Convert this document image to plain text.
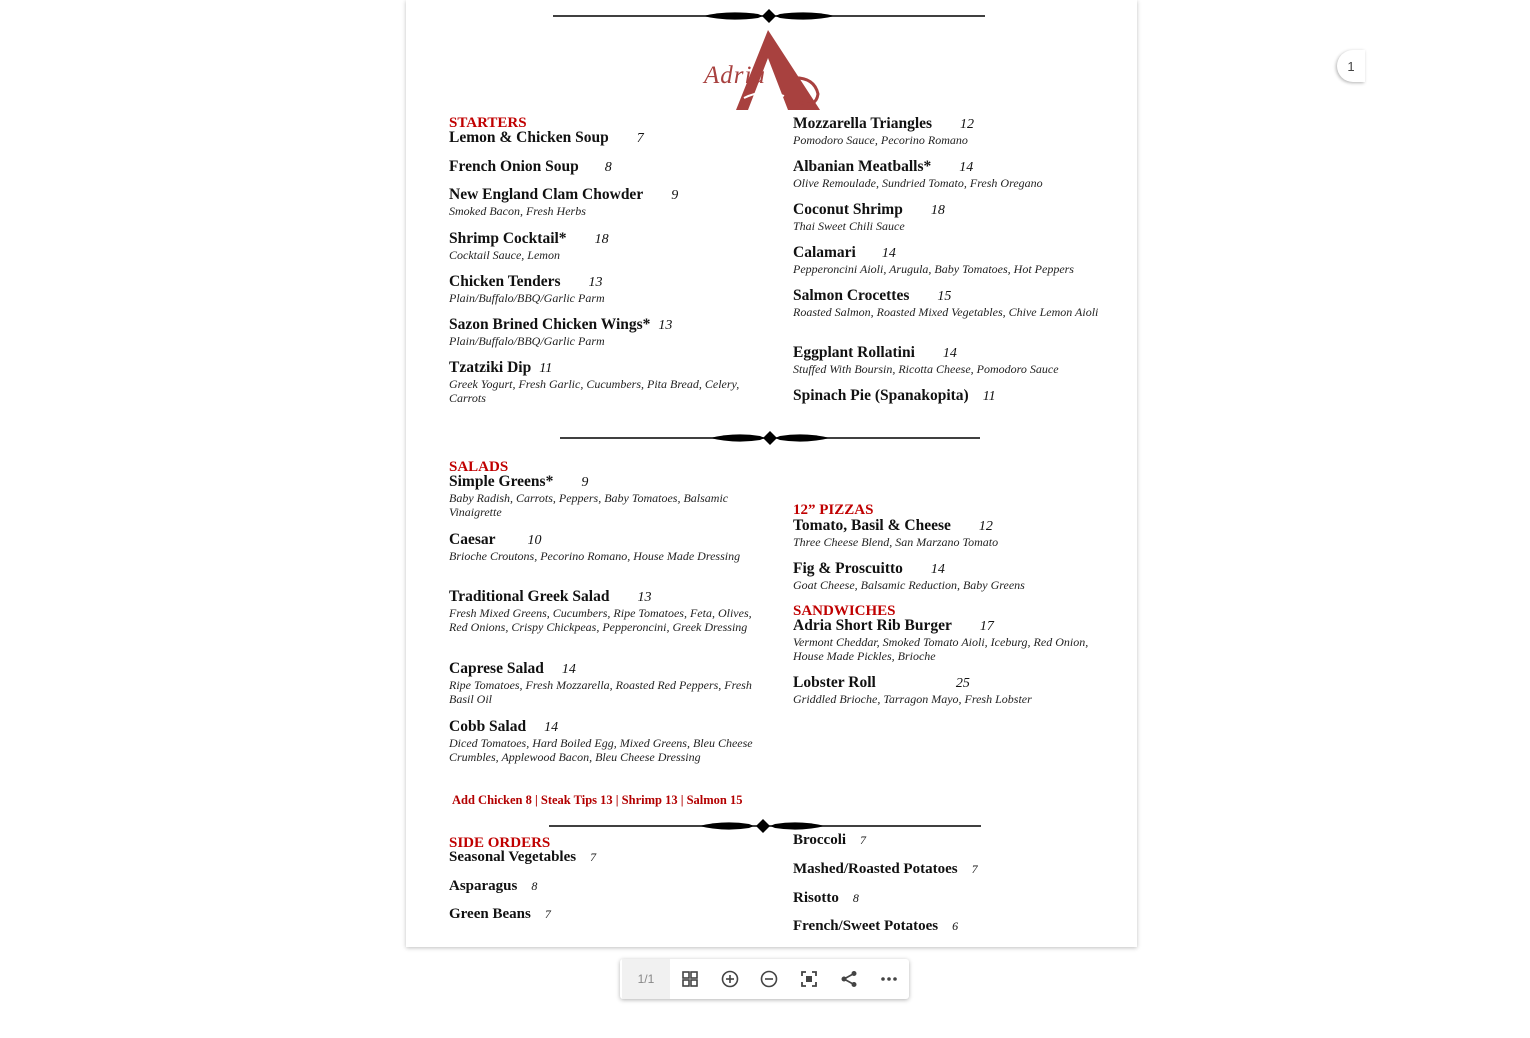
Adria
STARTERS
SALADS
12” PIZZAS
SANDWICHES
Add Chicken 8 | Steak Tips 13 | Shrimp 13 | Salmon 15
SIDE ORDERS
Lemon & Chicken Soup 7
French Onion Soup 8
New England Clam Chowder 9
Smoked Bacon, Fresh Herbs
Shrimp Cocktail* 18
Cocktail Sauce, Lemon
Chicken Tenders 13
Plain/Buffalo/BBQ/Garlic Parm
Sazon Brined Chicken Wings* 13
Plain/Buffalo/BBQ/Garlic Parm
Tzatziki Dip 11
Greek Yogurt, Fresh Garlic, Cucumbers, Pita Bread, Celery, Carrots
Mozzarella Triangles 12
Pomodoro Sauce, Pecorino Romano
Albanian Meatballs* 14
Olive Remoulade, Sundried Tomato, Fresh Oregano
Coconut Shrimp 18
Thai Sweet Chili Sauce
Calamari 14
Pepperoncini Aioli, Arugula, Baby Tomatoes, Hot Peppers
Salmon Crocettes 15
Roasted Salmon, Roasted Mixed Vegetables, Chive Lemon Aioli
Eggplant Rollatini 14
Stuffed With Boursin, Ricotta Cheese, Pomodoro Sauce
Spinach Pie (Spanakopita) 11
Simple Greens* 9
Baby Radish, Carrots, Peppers, Baby Tomatoes, Balsamic Vinaigrette
Caesar 10
Brioche Croutons, Pecorino Romano, House Made Dressing
Traditional Greek Salad 13
Fresh Mixed Greens, Cucumbers, Ripe Tomatoes, Feta, Olives, Red Onions, Crispy Chickpeas, Pepperoncini, Greek Dressing
Caprese Salad 14
Ripe Tomatoes, Fresh Mozzarella, Roasted Red Peppers, Fresh Basil Oil
Cobb Salad 14
Diced Tomatoes, Hard Boiled Egg, Mixed Greens, Bleu Cheese Crumbles, Applewood Bacon, Bleu Cheese Dressing
Tomato, Basil & Cheese 12
Three Cheese Blend, San Marzano Tomato
Fig & Proscuitto 14
Goat Cheese, Balsamic Reduction, Baby Greens
Adria Short Rib Burger 17
Vermont Cheddar, Smoked Tomato Aioli, Iceburg, Red Onion, House Made Pickles, Brioche
Lobster Roll	25
Griddled Brioche, Tarragon Mayo, Fresh Lobster
Seasonal Vegetables 7
Asparagus 8
Green Beans 7
Broccoli 7
Mashed/Roasted Potatoes 7
Risotto 8
French/Sweet Potatoes 6
1
1/1
